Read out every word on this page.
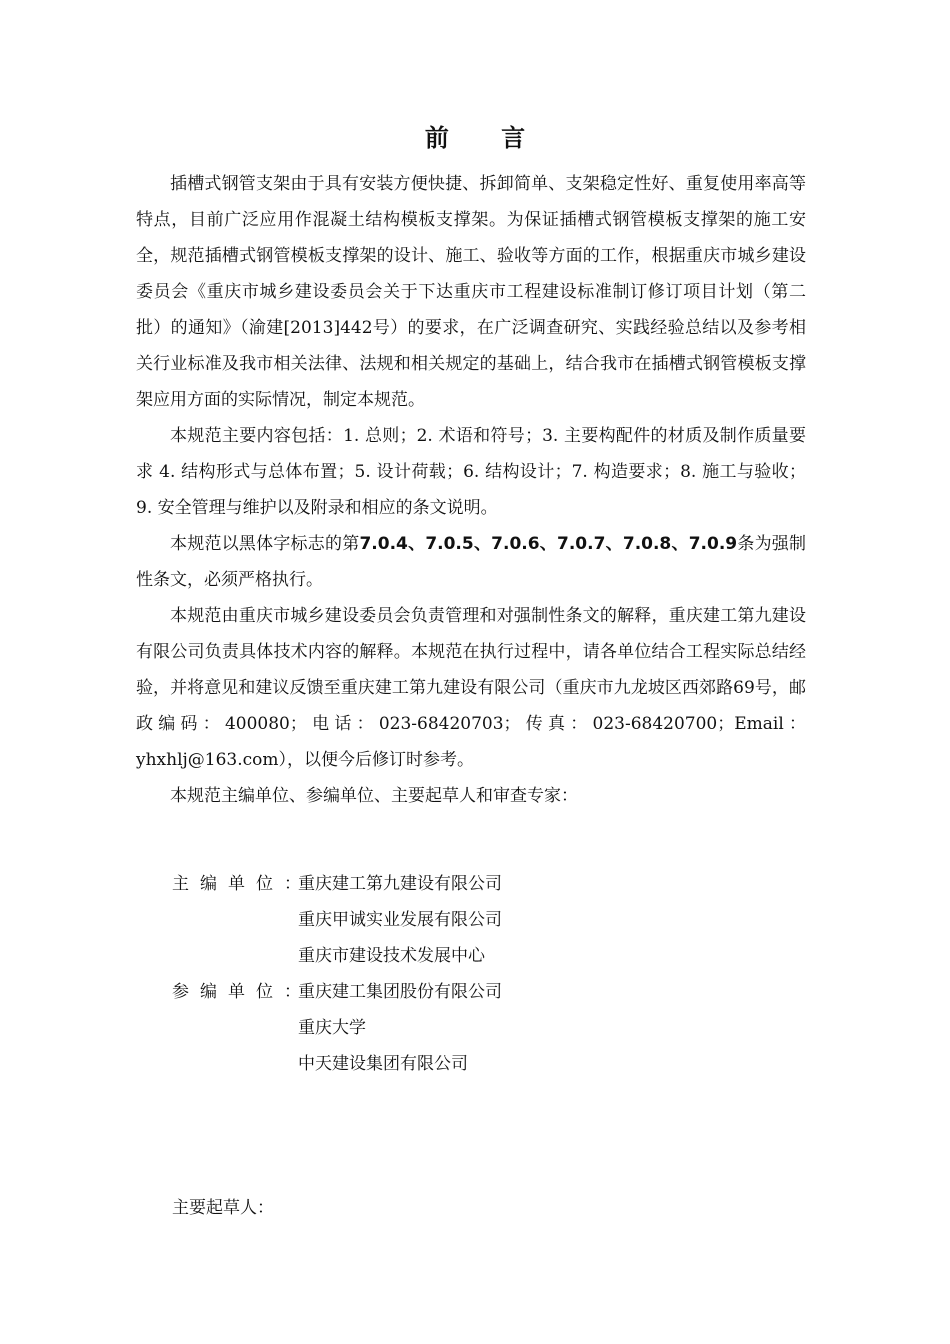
前 言

插槽式钢管支架由于具有安装方便快捷、拆卸简单、支架稳定性好、重复使用率高等特点，目前广泛应用作混凝土结构模板支撑架。为保证插槽式钢管模板支撑架的施工安全，规范插槽式钢管模板支撑架的设计、施工、验收等方面的工作，根据重庆市城乡建设委员会《重庆市城乡建设委员会关于下达重庆市工程建设标准制订修订项目计划（第二批）的通知》（渝建[2013]442号）的要求，在广泛调查研究、实践经验总结以及参考相关行业标准及我市相关法律、法规和相关规定的基础上，结合我市在插槽式钢管模板支撑架应用方面的实际情况，制定本规范。

本规范主要内容包括：1. 总则；2. 术语和符号；3. 主要构配件的材质及制作质量要求 4. 结构形式与总体布置；5. 设计荷载；6. 结构设计；7. 构造要求；8. 施工与验收；9. 安全管理与维护以及附录和相应的条文说明。

本规范以黑体字标志的第7.0.4、7.0.5、7.0.6、7.0.7、7.0.8、7.0.9条为强制性条文，必须严格执行。

本规范由重庆市城乡建设委员会负责管理和对强制性条文的解释，重庆建工第九建设有限公司负责具体技术内容的解释。本规范在执行过程中，请各单位结合工程实际总结经验，并将意见和建议反馈至重庆建工第九建设有限公司（重庆市九龙坡区西郊路69号，邮政编码：400080；电话：023-68420703；传真：023-68420700；Email：yhxhlj@163.com），以便今后修订时参考。

本规范主编单位、参编单位、主要起草人和审查专家：

主编单位：
重庆建工第九建设有限公司
重庆甲诚实业发展有限公司
重庆市建设技术发展中心
参编单位：
重庆建工集团股份有限公司
重庆大学
中天建设集团有限公司
主要起草人：
